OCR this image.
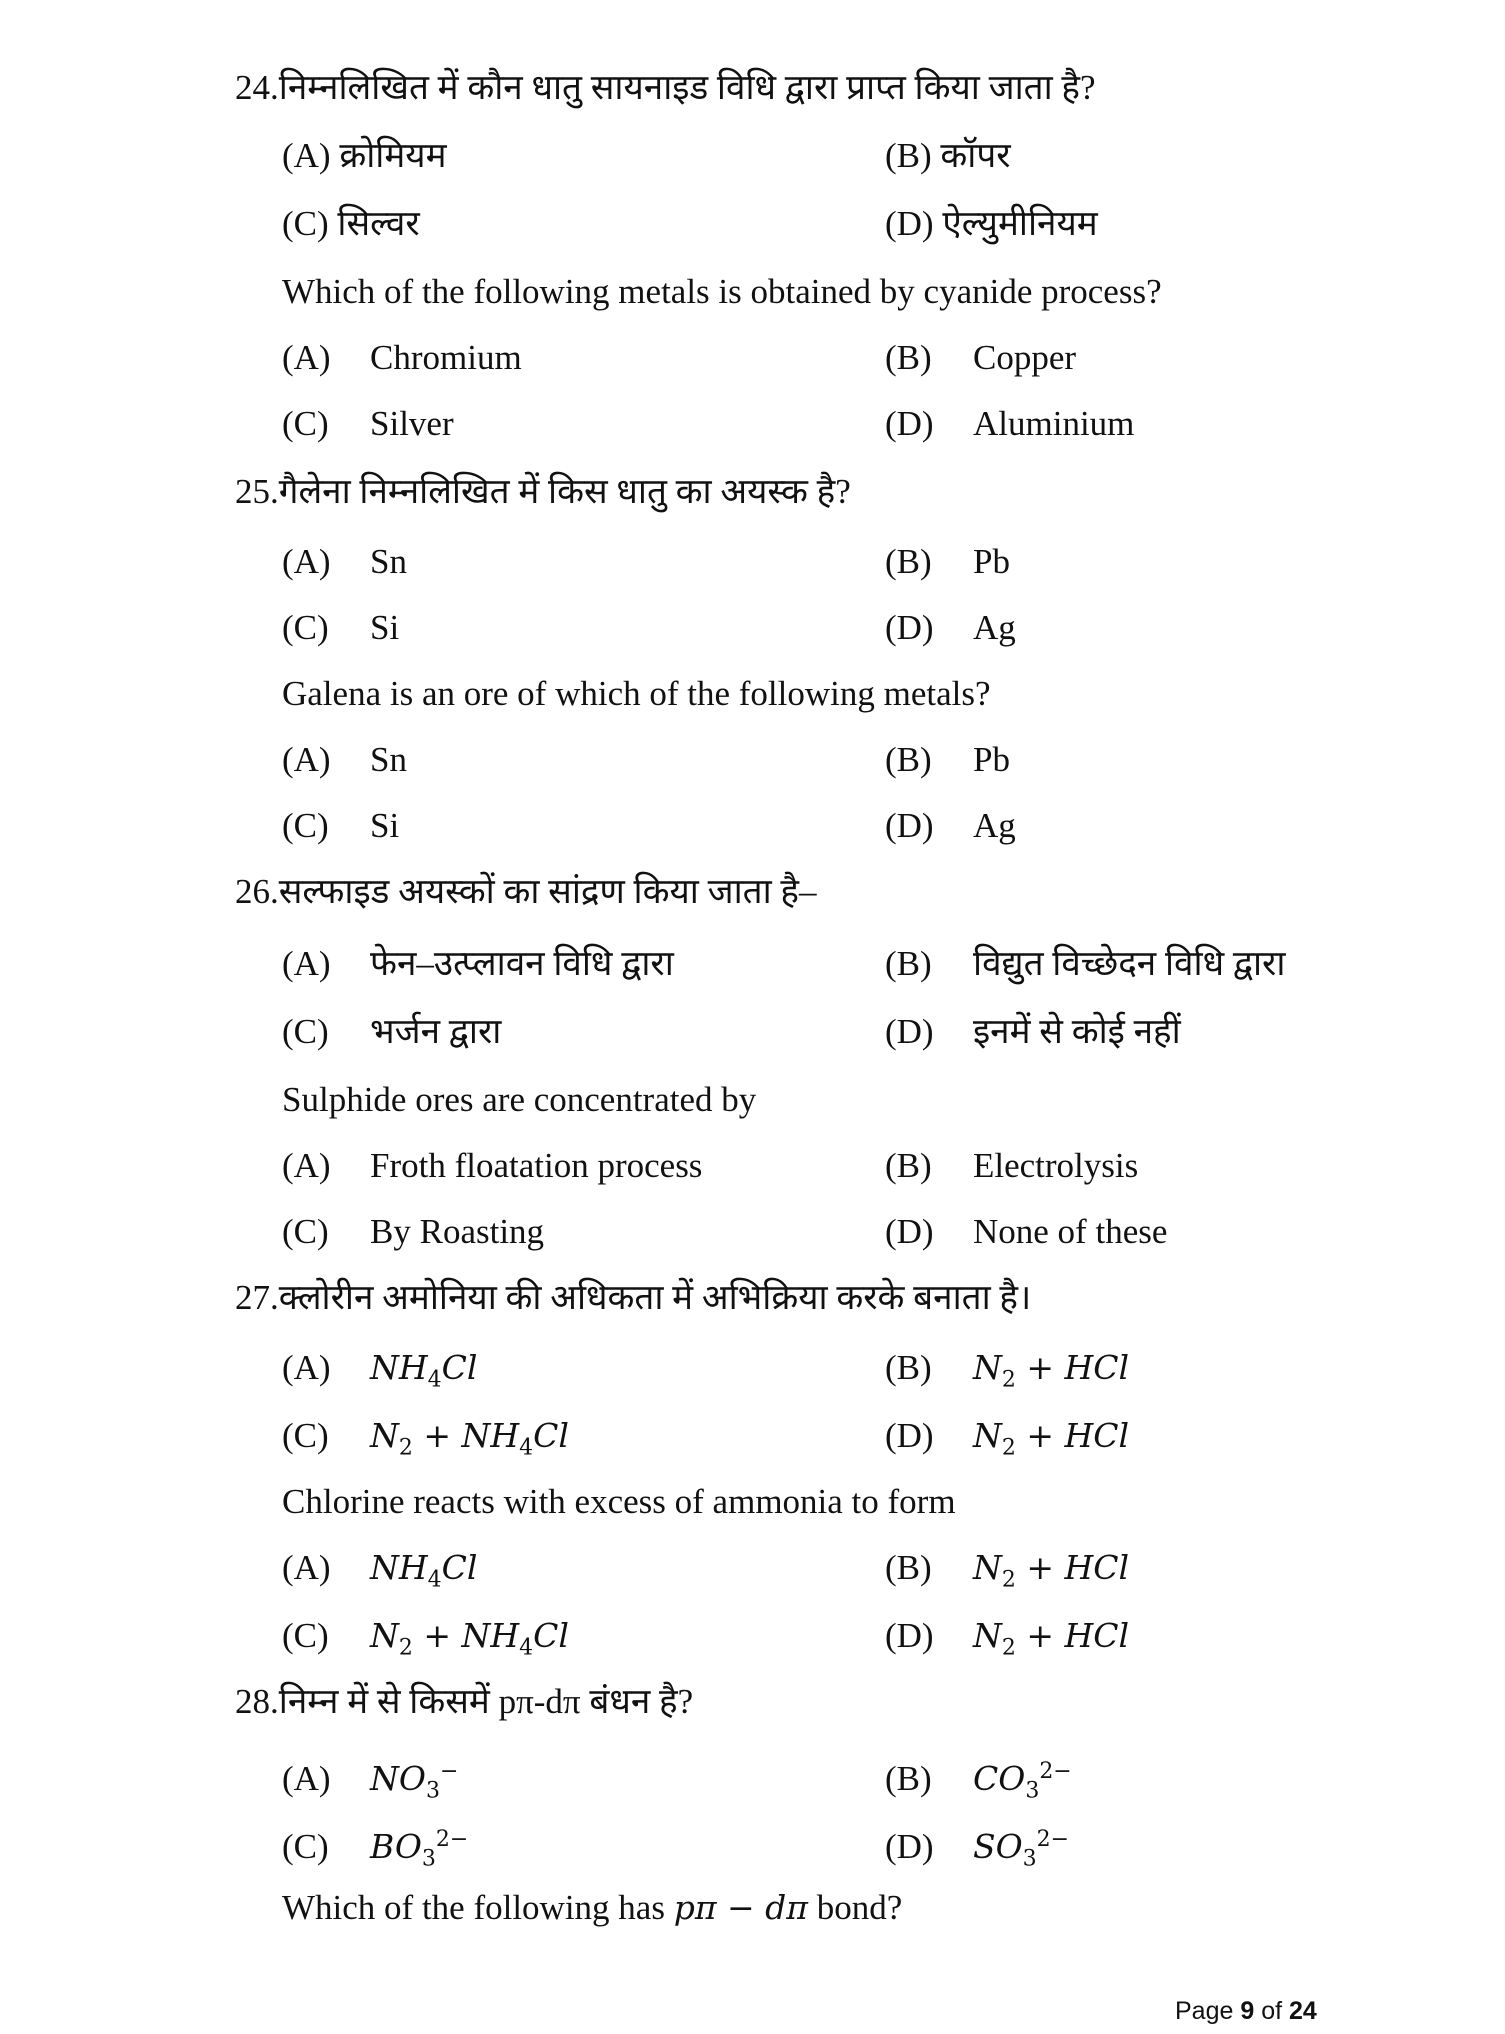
24.निम्नलिखित में कौन धातु सायनाइड विधि द्वारा प्राप्त किया जाता है?
(A) क्रोमियम	(B) कॉपर
(C) सिल्वर	(D) ऐल्युमीनियम
Which of the following metals is obtained by cyanide process?
(A) Chromium	(B) Copper
(C) Silver	(D) Aluminium
25.गैलेना निम्नलिखित में किस धातु का अयस्क है?
(A) Sn	(B) Pb
(C) Si	(D) Ag
Galena is an ore of which of the following metals?
(A) Sn	(B) Pb
(C) Si	(D) Ag
26.सल्फाइड अयस्कों का सांद्रण किया जाता है–
(A) फेन–उत्प्लावन विधि द्वारा	(B) विद्युत विच्छेदन विधि द्वारा
(C) भर्जन द्वारा	(D) इनमें से कोई नहीं
Sulphide ores are concentrated by
(A) Froth floatation process	(B) Electrolysis
(C) By Roasting	(D) None of these
27.क्लोरीन अमोनिया की अधिकता में अभिक्रिया करके बनाता है।
(A) $NH_4Cl$	(B) $N_2$ + HCl
(C) $N_2 + NH_4Cl$	(D) $N_2$ + HCl
Chlorine reacts with excess of ammonia to form
(A) $NH_4Cl$	(B) $N_2$ + HCl
(C) $N_2 + NH_4Cl$	(D) $N_2$ + HCl
28.निम्न में से किसमें pπ-dπ बंधन है?
(A) $NO_3^-$	(B) $CO_3^{2-}$
(C) $BO_3^{2-}$	(D) $SO_3^{2-}$
Which of the following has pπ − dπ bond?
Page 9 of 24
